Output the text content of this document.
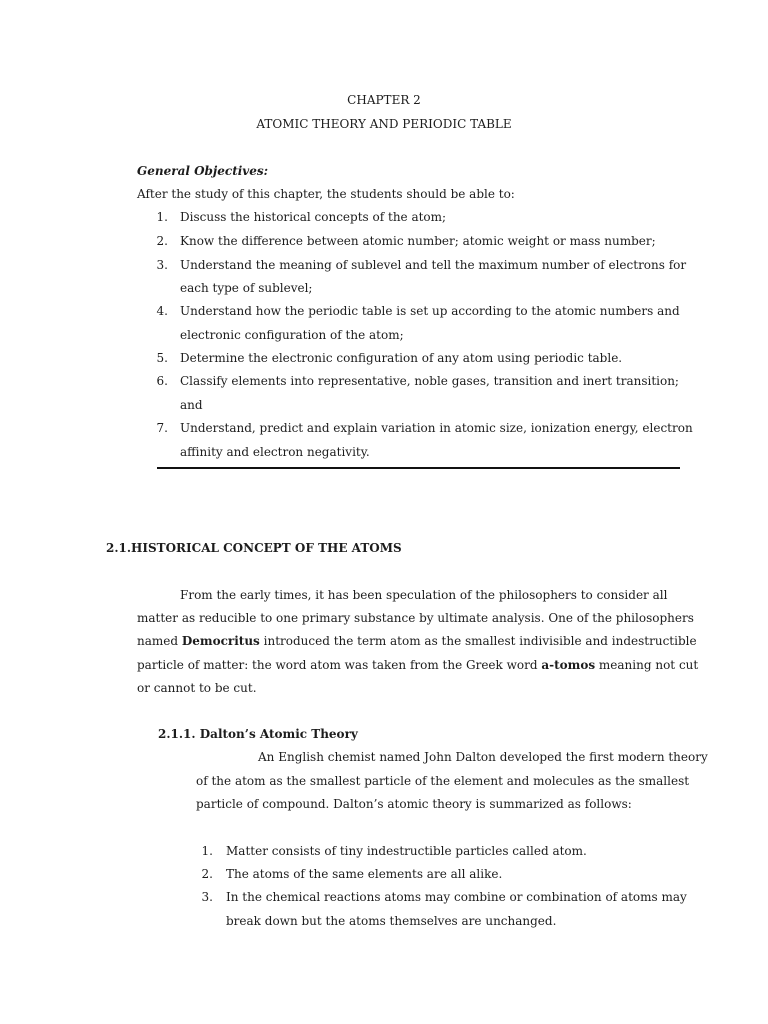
CHAPTER 2
ATOMIC THEORY AND PERIODIC TABLE
General Objectives:
After the study of this chapter, the students should be able to:
1. Discuss the historical concepts of the atom;
2. Know the difference between atomic number; atomic weight or mass number;
3. Understand the meaning of sublevel and tell the maximum number of electrons for
each type of sublevel;
4. Understand how the periodic table is set up according to the atomic numbers and
electronic configuration of the atom;
5. Determine the electronic configuration of any atom using periodic table.
6. Classify elements into representative, noble gases, transition and inert transition;
and
7. Understand, predict and explain variation in atomic size, ionization energy, electron
affinity and electron negativity.
2.1.HISTORICAL CONCEPT OF THE ATOMS
From the early times, it has been speculation of the philosophers to consider all
matter as reducible to one primary substance by ultimate analysis. One of the philosophers
named Democritus introduced the term atom as the smallest indivisible and indestructible
particle of matter: the word atom was taken from the Greek word a-tomos meaning not cut
or cannot to be cut.
2.1.1. Dalton’s Atomic Theory
An English chemist named John Dalton developed the first modern theory
of the atom as the smallest particle of the element and molecules as the smallest
particle of compound. Dalton’s atomic theory is summarized as follows:
1. Matter consists of tiny indestructible particles called atom.
2. The atoms of the same elements are all alike.
3. In the chemical reactions atoms may combine or combination of atoms may
break down but the atoms themselves are unchanged.
